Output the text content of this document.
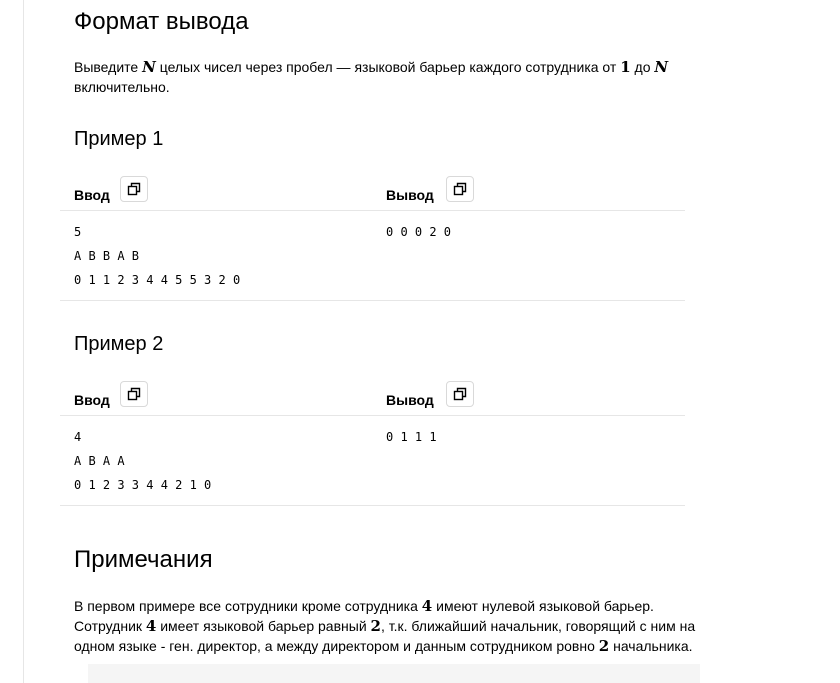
Формат вывода

Выведите N целых чисел через пробел — языковой барьер каждого сотрудника от 1 до N
включительно.

Пример 1
Ввод	Вывод
5
A B B A B
0 1 1 2 3 4 4 5 5 3 2 0
0 0 0 2 0
Пример 2
Ввод	Вывод
4
A B A A
0 1 2 3 3 4 4 2 1 0
0 1 1 1
Примечания

В первом примере все сотрудники кроме сотрудника 4 имеют нулевой языковой барьер.
Сотрудник 4 имеет языковой барьер равный 2, т.к. ближайший начальник, говорящий с ним на
одном языке - ген. директор, а между директором и данным сотрудником ровно 2 начальника.
